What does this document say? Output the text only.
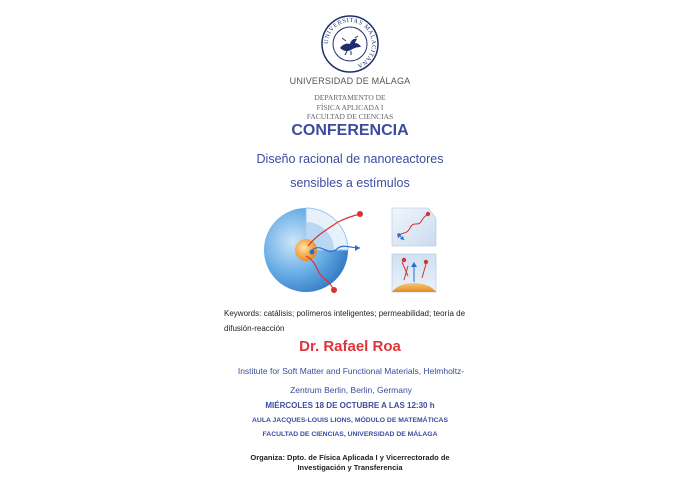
UNIVERSITAS MALACITANA
UNIVERSIDAD DE MÁLAGA
DEPARTAMENTO DE
FÍSICA APLICADA I
FACULTAD DE CIENCIAS
CONFERENCIA
Diseño racional de nanoreactores
sensibles a estímulos
Keywords: catálisis; polímeros inteligentes; permeabilidad; teoría de
difusión-reacción
Dr. Rafael Roa
Institute for Soft Matter and Functional Materials, Helmholtz-
Zentrum Berlin, Berlin, Germany
MIÉRCOLES 18 DE OCTUBRE A LAS 12:30 h
AULA JACQUES-LOUIS LIONS, MÓDULO DE MATEMÁTICAS
FACULTAD DE CIENCIAS, UNIVERSIDAD DE MÁLAGA
Organiza: Dpto. de Física Aplicada I y Vicerrectorado de
Investigación y Transferencia
